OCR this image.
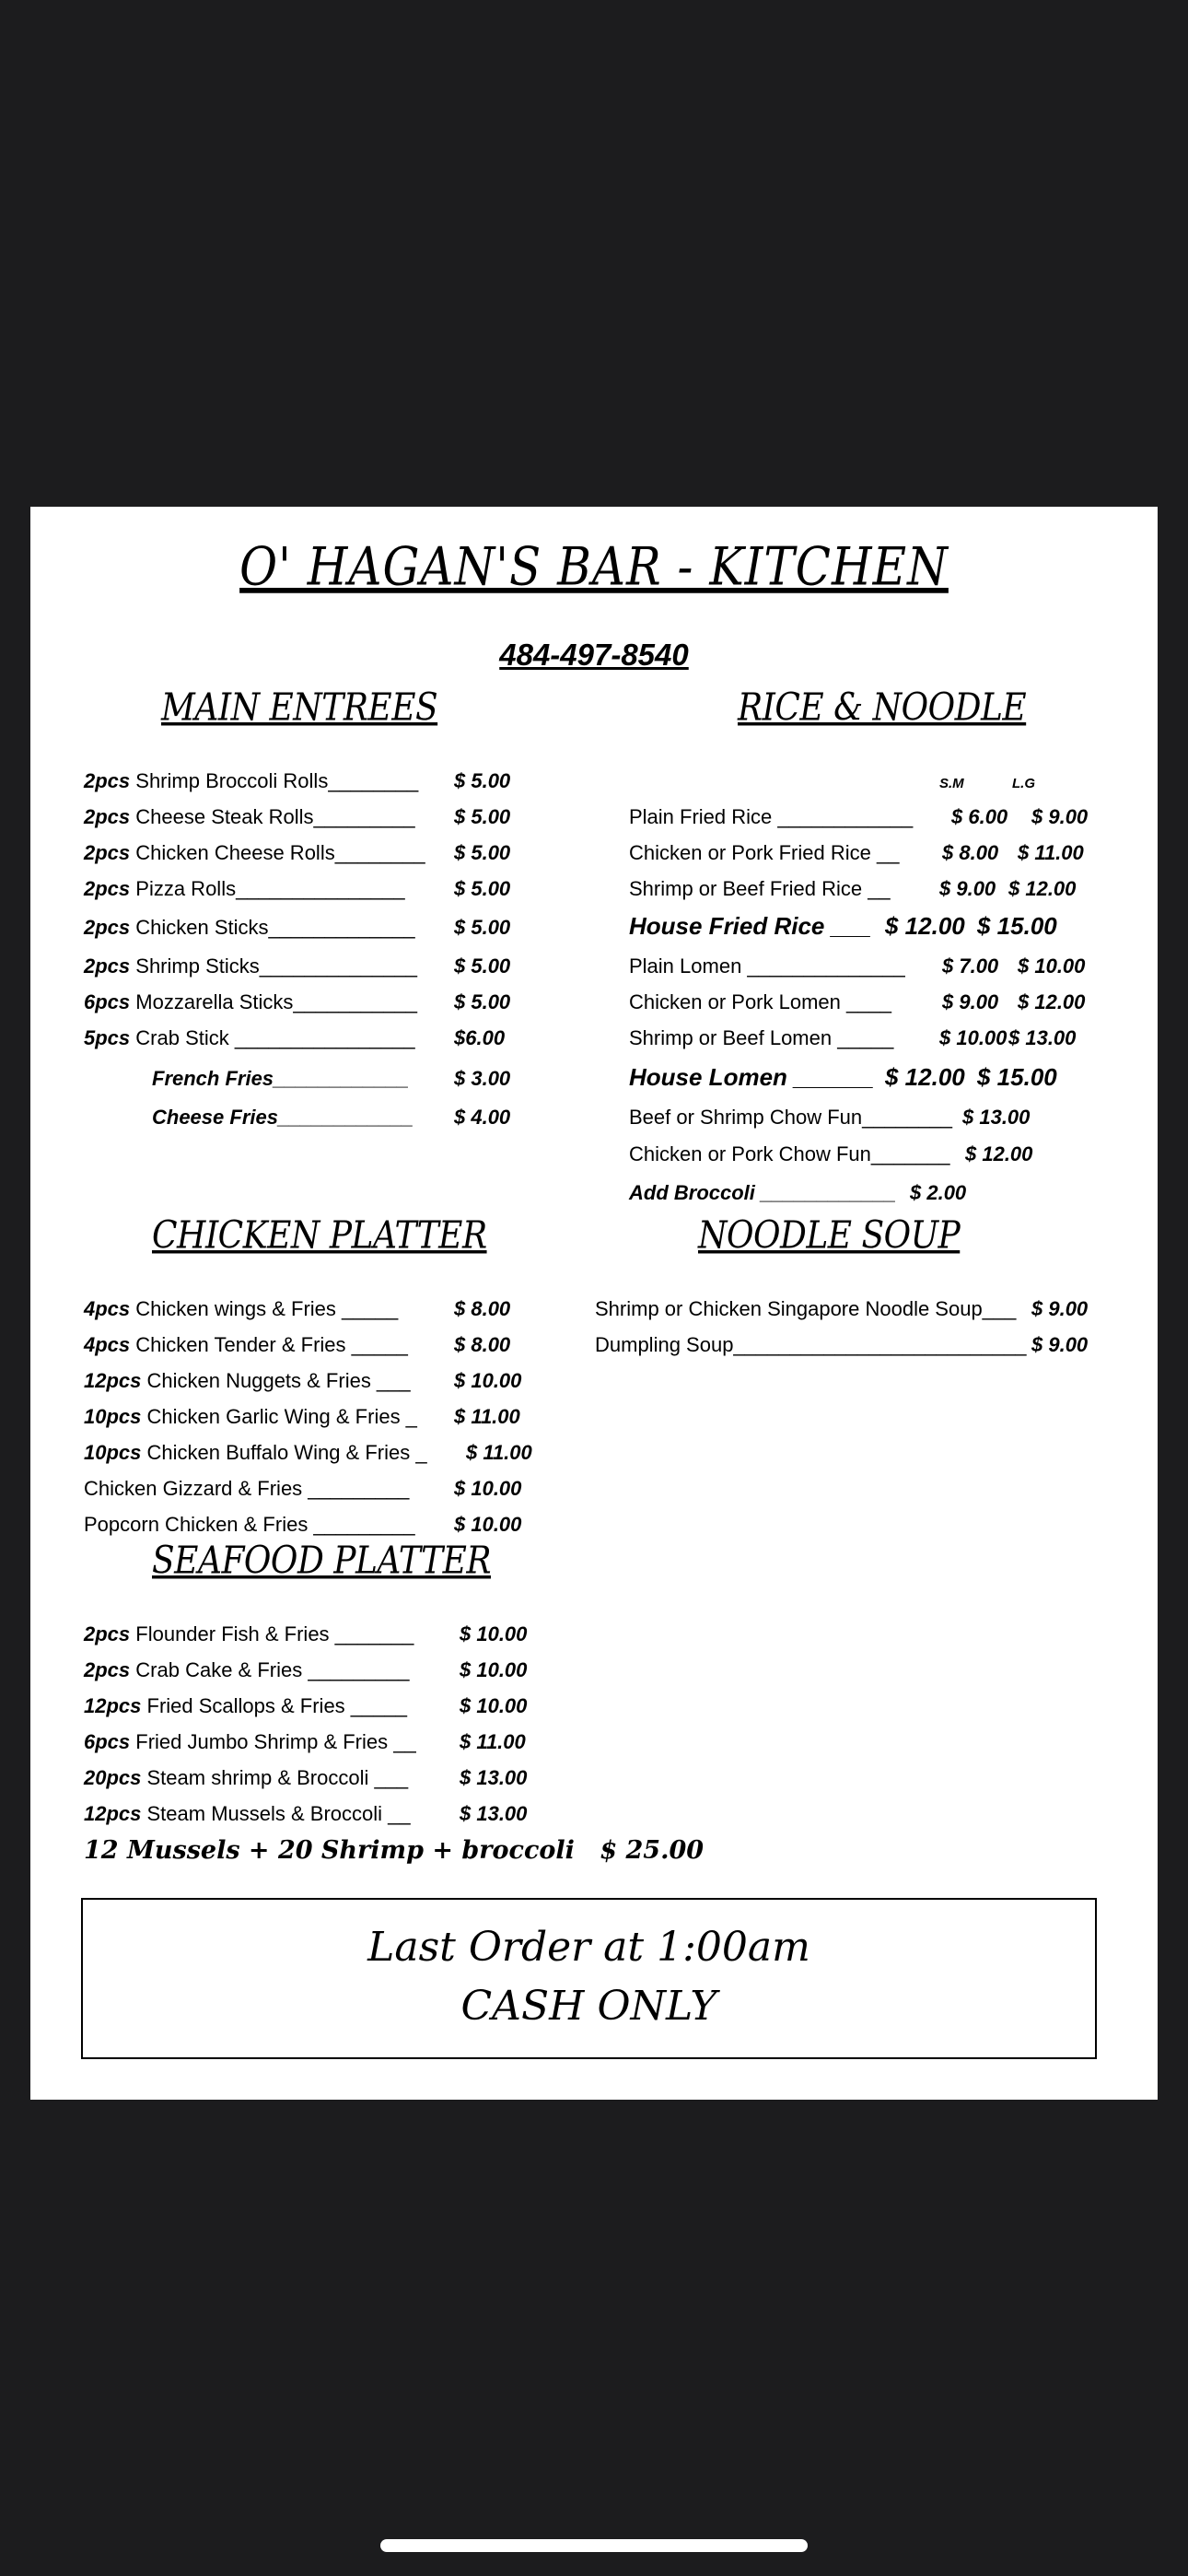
O' HAGAN'S BAR - KITCHEN
484-497-8540
MAIN ENTREES
2pcs Shrimp Broccoli Rolls________ $ 5.00
2pcs Cheese Steak Rolls_________ $ 5.00
2pcs Chicken Cheese Rolls________ $ 5.00
2pcs Pizza Rolls_______________ $ 5.00
2pcs Chicken Sticks_____________ $ 5.00
2pcs Shrimp Sticks______________ $ 5.00
6pcs Mozzarella Sticks___________ $ 5.00
5pcs Crab Stick ________________ $6.00
French Fries____________ $ 3.00
Cheese Fries____________ $ 4.00
RICE & NOODLE
S.M	L.G
Plain Fried Rice ____________ $ 6.00 $ 9.00
Chicken or Pork Fried Rice __ $ 8.00 $ 11.00
Shrimp or Beef Fried Rice __ $ 9.00 $ 12.00
House Fried Rice ___ $ 12.00 $ 15.00
Plain Lomen ______________ $ 7.00 $ 10.00
Chicken or Pork Lomen ____	$ 9.00 $ 12.00
Shrimp or Beef Lomen _____ $ 10.00 $ 13.00
House Lomen ______ $ 12.00 $ 15.00
Beef or Shrimp Chow Fun________ $ 13.00
Chicken or Pork Chow Fun_______ $ 12.00
Add Broccoli ____________ $ 2.00
CHICKEN PLATTER
4pcs Chicken wings & Fries _____	$ 8.00
4pcs Chicken Tender & Fries _____ $ 8.00
12pcs Chicken Nuggets & Fries ___ $ 10.00
10pcs Chicken Garlic Wing & Fries _ $ 11.00
10pcs Chicken Buffalo Wing & Fries _ $ 11.00
Chicken Gizzard & Fries _________ $ 10.00
Popcorn Chicken & Fries _________ $ 10.00
NOODLE SOUP
Shrimp or Chicken Singapore Noodle Soup___ $ 9.00
Dumpling Soup__________________________ $ 9.00
SEAFOOD PLATTER
2pcs Flounder Fish & Fries _______ $ 10.00
2pcs Crab Cake & Fries _________ $ 10.00
12pcs Fried Scallops & Fries _____	$ 10.00
6pcs Fried Jumbo Shrimp & Fries __ $ 11.00
20pcs Steam shrimp & Broccoli ___	$ 13.00
12pcs Steam Mussels & Broccoli __ $ 13.00
12 Mussels + 20 Shrimp + broccoli $ 25.00
Last Order at 1:00am
CASH ONLY
